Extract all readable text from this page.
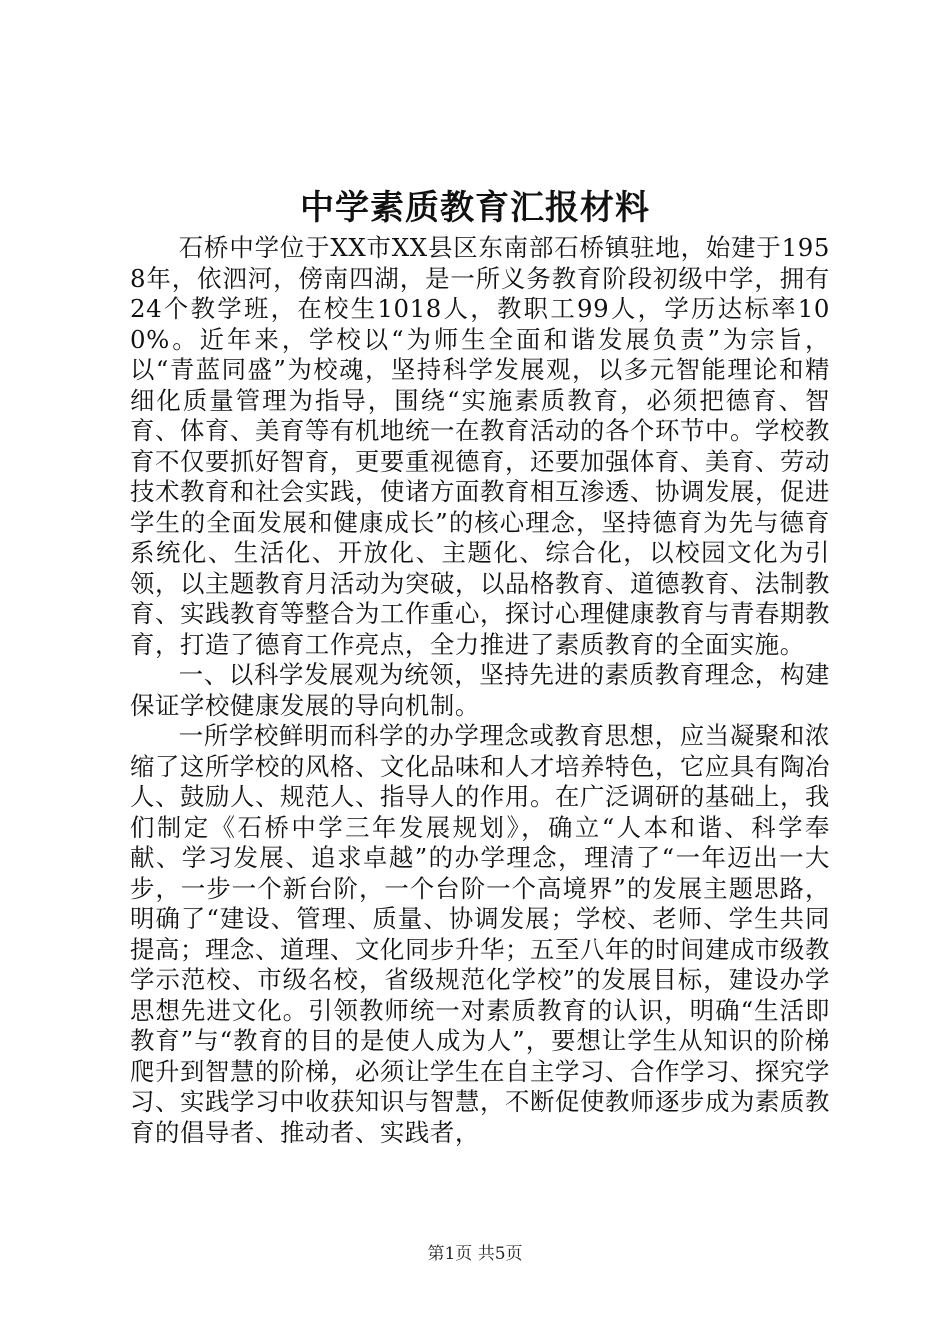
中学素质教育汇报材料

石桥中学位于XX市XX县区东南部石桥镇驻地，始建于1958年，依泗河，傍南四湖，是一所义务教育阶段初级中学，拥有24个教学班，在校生1018人，教职工99人，学历达标率100%。近年来，学校以“为师生全面和谐发展负责”为宗旨，以“青蓝同盛”为校魂，坚持科学发展观，以多元智能理论和精细化质量管理为指导，围绕“实施素质教育，必须把德育、智育、体育、美育等有机地统一在教育活动的各个环节中。学校教育不仅要抓好智育，更要重视德育，还要加强体育、美育、劳动技术教育和社会实践，使诸方面教育相互渗透、协调发展，促进学生的全面发展和健康成长”的核心理念，坚持德育为先与德育系统化、生活化、开放化、主题化、综合化，以校园文化为引领，以主题教育月活动为突破，以品格教育、道德教育、法制教育、实践教育等整合为工作重心，探讨心理健康教育与青春期教育，打造了德育工作亮点，全力推进了素质教育的全面实施。

一、以科学发展观为统领，坚持先进的素质教育理念，构建保证学校健康发展的导向机制。

一所学校鲜明而科学的办学理念或教育思想，应当凝聚和浓缩了这所学校的风格、文化品味和人才培养特色，它应具有陶冶人、鼓励人、规范人、指导人的作用。在广泛调研的基础上，我们制定《石桥中学三年发展规划》，确立“人本和谐、科学奉献、学习发展、追求卓越”的办学理念，理清了“一年迈出一大步，一步一个新台阶，一个台阶一个高境界”的发展主题思路，明确了“建设、管理、质量、协调发展；学校、老师、学生共同提高；理念、道理、文化同步升华；五至八年的时间建成市级教学示范校、市级名校，省级规范化学校”的发展目标，建设办学思想先进文化。引领教师统一对素质教育的认识，明确“生活即教育”与“教育的目的是使人成为人”，要想让学生从知识的阶梯爬升到智慧的阶梯，必须让学生在自主学习、合作学习、探究学习、实践学习中收获知识与智慧，不断促使教师逐步成为素质教育的倡导者、推动者、实践者，

第1页 共5页
